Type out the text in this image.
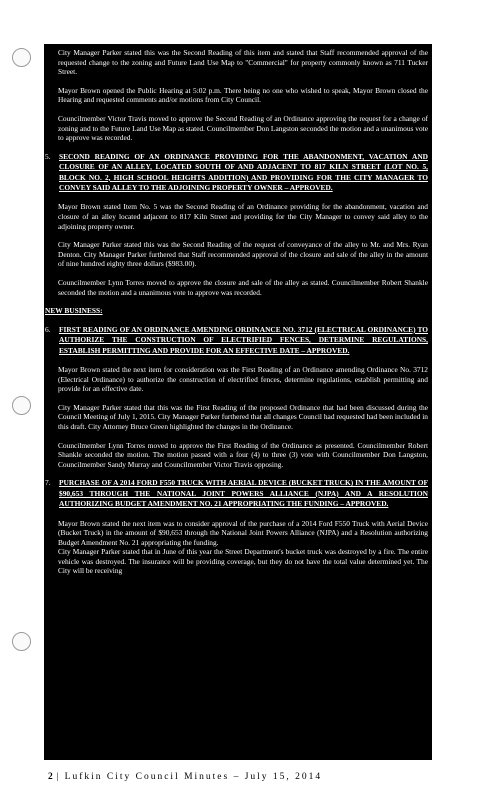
City Manager Parker stated this was the Second Reading of this item and stated that Staff recommended approval of the requested change to the zoning and Future Land Use Map to "Commercial" for property commonly known as 711 Tucker Street.

Mayor Brown opened the Public Hearing at 5:02 p.m. There being no one who wished to speak, Mayor Brown closed the Hearing and requested comments and/or motions from City Council.

Councilmember Victor Travis moved to approve the Second Reading of an Ordinance approving the request for a change of zoning and to the Future Land Use Map as stated. Councilmember Don Langston seconded the motion and a unanimous vote to approve was recorded.

5.	SECOND READING OF AN ORDINANCE PROVIDING FOR THE ABANDONMENT, VACATION AND CLOSURE OF AN ALLEY, LOCATED SOUTH OF AND ADJACENT TO 817 KILN STREET (LOT NO. 5, BLOCK NO. 2, HIGH SCHOOL HEIGHTS ADDITION) AND PROVIDING FOR THE CITY MANAGER TO CONVEY SAID ALLEY TO THE ADJOINING PROPERTY OWNER – APPROVED.

Mayor Brown stated Item No. 5 was the Second Reading of an Ordinance providing for the abandonment, vacation and closure of an alley located adjacent to 817 Kiln Street and providing for the City Manager to convey said alley to the adjoining property owner.

City Manager Parker stated this was the Second Reading of the request of conveyance of the alley to Mr. and Mrs. Ryan Denton. City Manager Parker furthered that Staff recommended approval of the closure and sale of the alley in the amount of nine hundred eighty three dollars ($983.00).

Councilmember Lynn Torres moved to approve the closure and sale of the alley as stated. Councilmember Robert Shankle seconded the motion and a unanimous vote to approve was recorded.

NEW BUSINESS:
6.	FIRST READING OF AN ORDINANCE AMENDING ORDINANCE NO. 3712 (ELECTRICAL ORDINANCE) TO AUTHORIZE THE CONSTRUCTION OF ELECTRIFIED FENCES, DETERMINE REGULATIONS, ESTABLISH PERMITTING AND PROVIDE FOR AN EFFECTIVE DATE – APPROVED.

Mayor Brown stated the next item for consideration was the First Reading of an Ordinance amending Ordinance No. 3712 (Electrical Ordinance) to authorize the construction of electrified fences, determine regulations, establish permitting and provide for an effective date.

City Manager Parker stated that this was the First Reading of the proposed Ordinance that had been discussed during the Council Meeting of July 1, 2015. City Manager Parker furthered that all changes Council had requested had been included in this draft. City Attorney Bruce Green highlighted the changes in the Ordinance.

Councilmember Lynn Torres moved to approve the First Reading of the Ordinance as presented. Councilmember Robert Shankle seconded the motion. The motion passed with a four (4) to three (3) vote with Councilmember Don Langston, Councilmember Sandy Murray and Councilmember Victor Travis opposing.

7.	PURCHASE OF A 2014 FORD F550 TRUCK WITH AERIAL DEVICE (BUCKET TRUCK) IN THE AMOUNT OF $90,653 THROUGH THE NATIONAL JOINT POWERS ALLIANCE (NJPA) AND A RESOLUTION AUTHORIZING BUDGET AMENDMENT NO. 21 APPROPRIATING THE FUNDING – APPROVED.

Mayor Brown stated the next item was to consider approval of the purchase of a 2014 Ford F550 Truck with Aerial Device (Bucket Truck) in the amount of $90,653 through the National Joint Powers Alliance (NJPA) and a Resolution authorizing Budget Amendment No. 21 appropriating the funding.

City Manager Parker stated that in June of this year the Street Department's bucket truck was destroyed by a fire. The entire vehicle was destroyed. The insurance will be providing coverage, but they do not have the total value determined yet. The City will be receiving

2 | Lufkin City Council Minutes – July 15, 2014
